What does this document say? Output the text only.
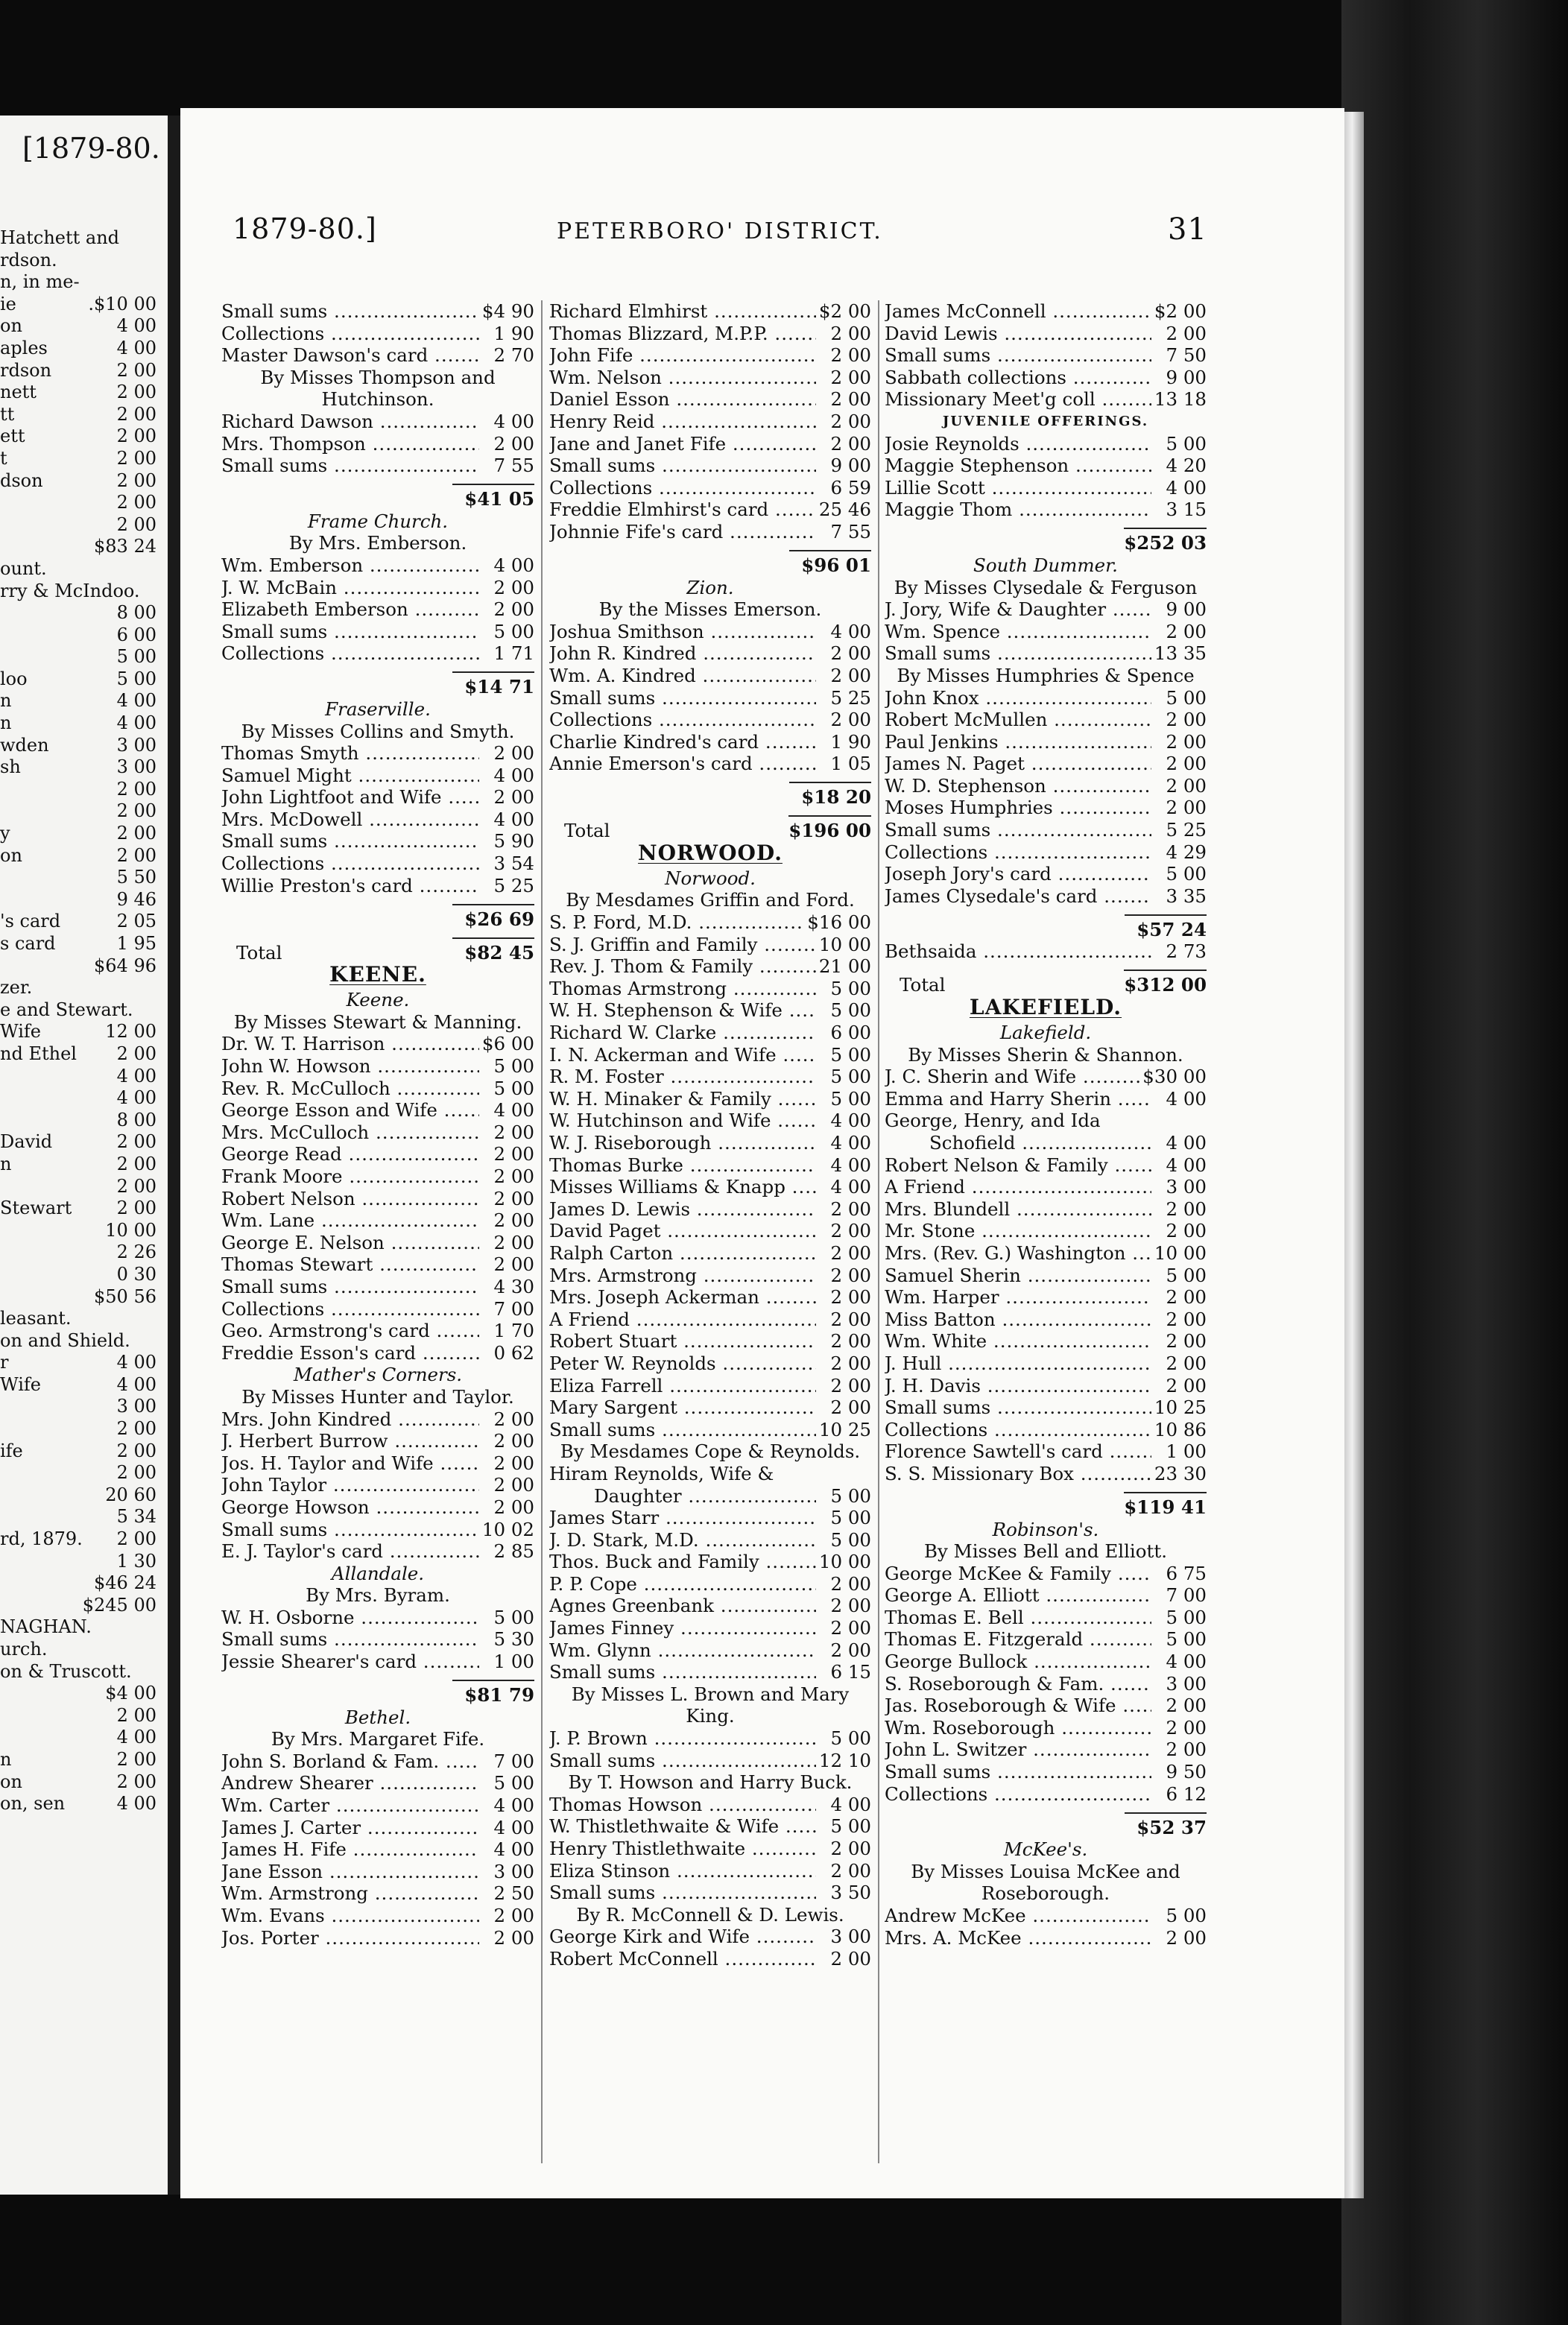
[1879-80.
Hatchett and
rdson.
n, in me-
ie	.$10 00
on	4 00
aples	4 00
rdson	2 00
nett	2 00
tt	2 00
ett	2 00
t	2 00
dson	2 00
2 00
2 00
$83 24
ount.
rry & McIndoo.
8 00
6 00
5 00
loo	5 00
n	4 00
n	4 00
wden	3 00
sh	3 00
2 00
2 00
y	2 00
on	2 00
5 50
9 46
's card	2 05
s card	1 95
$64 96
zer.
e and Stewart.
Wife	12 00
nd Ethel 2 00
4 00
4 00
8 00
David	2 00
n	2 00
2 00
Stewart	2 00
10 00
2 26
0 30
$50 56
leasant.
on and Shield.
r	4 00
Wife	4 00
3 00
2 00
ife	2 00
2 00
20 60
5 34
rd, 1879. 2 00
1 30
$46 24
$245 00
NAGHAN.
urch.
on & Truscott.
$4 00
2 00
4 00
n	2 00
on	2 00
on, sen	4 00
1879-80.]	PETERBORO' DISTRICT.	31
Small sums .....	$4 90
Collections .....	1 90
Master Dawson's card .....	2 70
By Misses Thompson and
Hutchinson.
Richard Dawson .....	4 00
Mrs. Thompson .....	2 00
Small sums .....	7 55
$41 05
Frame Church.
By Mrs. Emberson.
Wm. Emberson .....	4 00
J. W. McBain .....	2 00
Elizabeth Emberson .....	2 00
Small sums .....	5 00
Collections .....	1 71
$14 71
Fraserville.
By Misses Collins and Smyth.
Thomas Smyth .....	2 00
Samuel Might .....	4 00
John Lightfoot and Wife .....	2 00
Mrs. McDowell .....	4 00
Small sums .....	5 90
Collections .....	3 54
Willie Preston's card .....	5 25
$26 69
Total	$82 45
KEENE.
Keene.
By Misses Stewart & Manning.
Dr. W. T. Harrison .....	$6 00
John W. Howson .....	5 00
Rev. R. McCulloch .....	5 00
George Esson and Wife .....	4 00
Mrs. McCulloch .....	2 00
George Read .....	2 00
Frank Moore .....	2 00
Robert Nelson .....	2 00
Wm. Lane .....	2 00
George E. Nelson .....	2 00
Thomas Stewart .....	2 00
Small sums .....	4 30
Collections .....	7 00
Geo. Armstrong's card .....	1 70
Freddie Esson's card .....	0 62
Mather's Corners.
By Misses Hunter and Taylor.
Mrs. John Kindred .....	2 00
J. Herbert Burrow .....	2 00
Jos. H. Taylor and Wife .....	2 00
John Taylor .....	2 00
George Howson .....	2 00
Small sums .....	10 02
E. J. Taylor's card .....	2 85
Allandale.
By Mrs. Byram.
W. H. Osborne .....	5 00
Small sums .....	5 30
Jessie Shearer's card .....	1 00
$81 79
Bethel.
By Mrs. Margaret Fife.
John S. Borland & Fam. .....	7 00
Andrew Shearer .....	5 00
Wm. Carter .....	4 00
James J. Carter .....	4 00
James H. Fife .....	4 00
Jane Esson .....	3 00
Wm. Armstrong .....	2 50
Wm. Evans .....	2 00
Jos. Porter .....	2 00
Richard Elmhirst .....	$2 00
Thomas Blizzard, M.P.P. .....	2 00
John Fife .....	2 00
Wm. Nelson .....	2 00
Daniel Esson .....	2 00
Henry Reid .....	2 00
Jane and Janet Fife .....	2 00
Small sums .....	9 00
Collections .....	6 59
Freddie Elmhirst's card .....	25 46
Johnnie Fife's card .....	7 55
$96 01
Zion.
By the Misses Emerson.
Joshua Smithson .....	4 00
John R. Kindred .....	2 00
Wm. A. Kindred .....	2 00
Small sums .....	5 25
Collections .....	2 00
Charlie Kindred's card .....	1 90
Annie Emerson's card .....	1 05
$18 20
Total	$196 00
NORWOOD.
Norwood.
By Mesdames Griffin and Ford.
S. P. Ford, M.D. .....	$16 00
S. J. Griffin and Family .....	10 00
Rev. J. Thom & Family .....	21 00
Thomas Armstrong .....	5 00
W. H. Stephenson & Wife .....	5 00
Richard W. Clarke .....	6 00
I. N. Ackerman and Wife .....	5 00
R. M. Foster .....	5 00
W. H. Minaker & Family .....	5 00
W. Hutchinson and Wife .....	4 00
W. J. Riseborough .....	4 00
Thomas Burke .....	4 00
Misses Williams & Knapp .....	4 00
James D. Lewis .....	2 00
David Paget .....	2 00
Ralph Carton .....	2 00
Mrs. Armstrong .....	2 00
Mrs. Joseph Ackerman .....	2 00
A Friend .....	2 00
Robert Stuart .....	2 00
Peter W. Reynolds .....	2 00
Eliza Farrell .....	2 00
Mary Sargent .....	2 00
Small sums .....	10 25
By Mesdames Cope & Reynolds.
Hiram Reynolds, Wife &
Daughter .....	5 00
James Starr .....	5 00
J. D. Stark, M.D. .....	5 00
Thos. Buck and Family .....	10 00
P. P. Cope .....	2 00
Agnes Greenbank .....	2 00
James Finney .....	2 00
Wm. Glynn .....	2 00
Small sums .....	6 15
By Misses L. Brown and Mary
King.
J. P. Brown .....	5 00
Small sums .....	12 10
By T. Howson and Harry Buck.
Thomas Howson .....	4 00
W. Thistlethwaite & Wife .....	5 00
Henry Thistlethwaite .....	2 00
Eliza Stinson .....	2 00
Small sums .....	3 50
By R. McConnell & D. Lewis.
George Kirk and Wife .....	3 00
Robert McConnell .....	2 00
James McConnell .....	$2 00
David Lewis .....	2 00
Small sums .....	7 50
Sabbath collections .....	9 00
Missionary Meet'g coll .....	13 18
JUVENILE OFFERINGS.
Josie Reynolds .....	5 00
Maggie Stephenson .....	4 20
Lillie Scott .....	4 00
Maggie Thom .....	3 15
$252 03
South Dummer.
By Misses Clysedale & Ferguson
J. Jory, Wife & Daughter .....	9 00
Wm. Spence .....	2 00
Small sums .....	13 35
By Misses Humphries & Spence
John Knox .....	5 00
Robert McMullen .....	2 00
Paul Jenkins .....	2 00
James N. Paget .....	2 00
W. D. Stephenson .....	2 00
Moses Humphries .....	2 00
Small sums .....	5 25
Collections .....	4 29
Joseph Jory's card .....	5 00
James Clysedale's card .....	3 35
$57 24
Bethsaida .....	2 73
Total	$312 00
LAKEFIELD.
Lakefield.
By Misses Sherin & Shannon.
J. C. Sherin and Wife .....	$30 00
Emma and Harry Sherin .....	4 00
George, Henry, and Ida
Schofield .....	4 00
Robert Nelson & Family .....	4 00
A Friend .....	3 00
Mrs. Blundell .....	2 00
Mr. Stone .....	2 00
Mrs. (Rev. G.) Washington .....	10 00
Samuel Sherin .....	5 00
Wm. Harper .....	2 00
Miss Batton .....	2 00
Wm. White .....	2 00
J. Hull .....	2 00
J. H. Davis .....	2 00
Small sums .....	10 25
Collections .....	10 86
Florence Sawtell's card .....	1 00
S. S. Missionary Box .....	23 30
$119 41
Robinson's.
By Misses Bell and Elliott.
George McKee & Family .....	6 75
George A. Elliott .....	7 00
Thomas E. Bell .....	5 00
Thomas E. Fitzgerald .....	5 00
George Bullock .....	4 00
S. Roseborough & Fam. .....	3 00
Jas. Roseborough & Wife .....	2 00
Wm. Roseborough .....	2 00
John L. Switzer .....	2 00
Small sums .....	9 50
Collections .....	6 12
$52 37
McKee's.
By Misses Louisa McKee and
Roseborough.
Andrew McKee .....	5 00
Mrs. A. McKee .....	2 00
